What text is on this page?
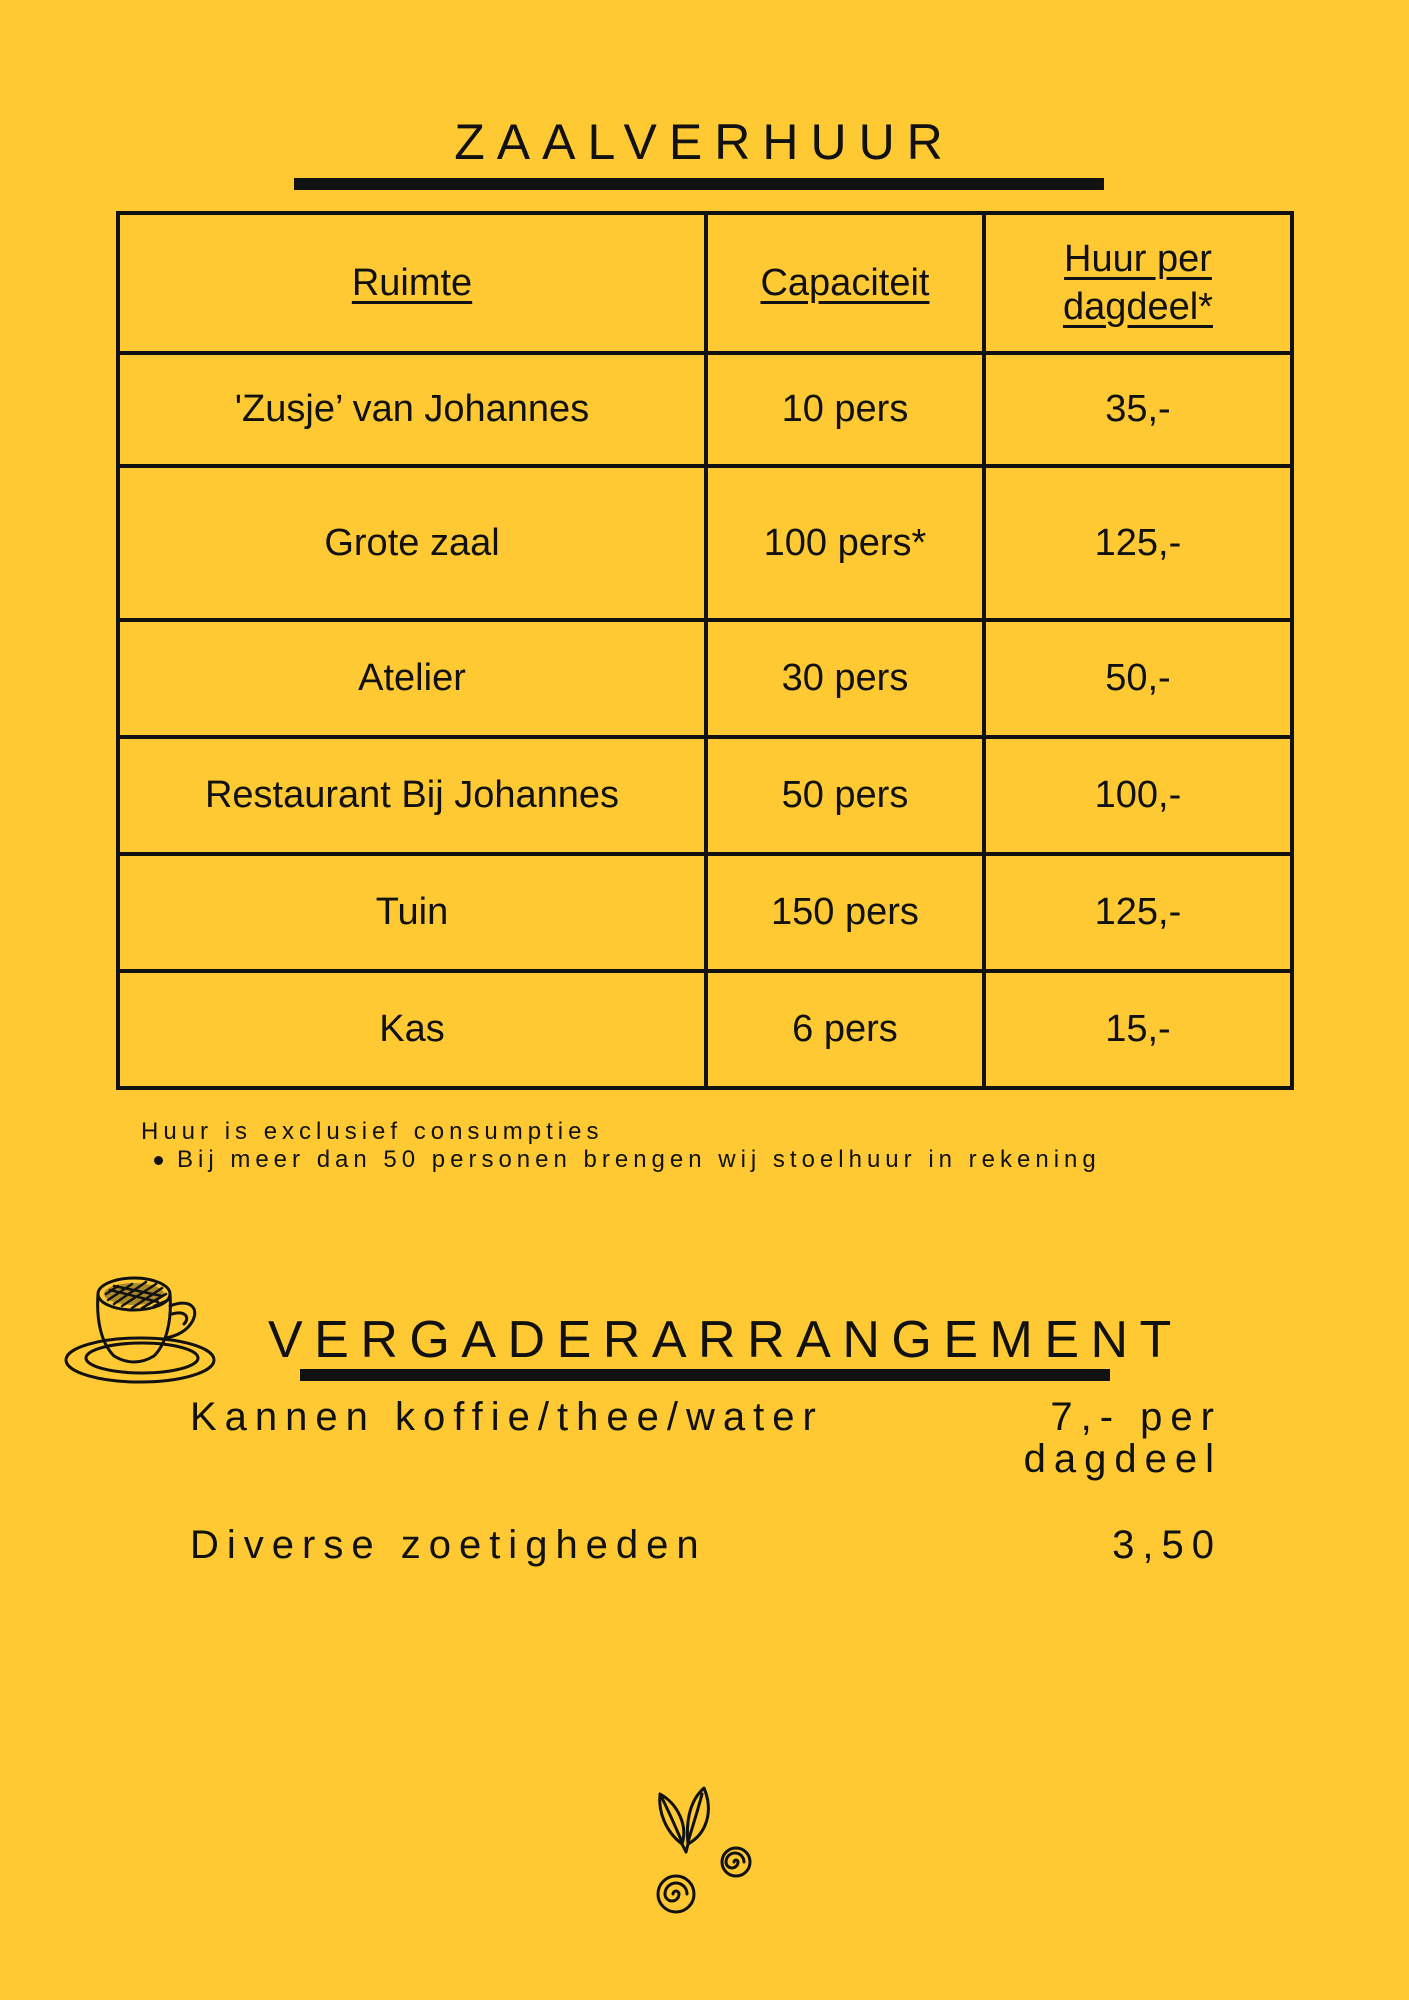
ZAALVERHUUR
Ruimte	Capaciteit	Huur per
dagdeel*
'Zusje’ van Johannes	10 pers	35,-
Grote zaal	100 pers*	125,-
Atelier	30 pers	50,-
Restaurant Bij Johannes	50 pers	100,-
Tuin	150 pers	125,-
Kas	6 pers	15,-
Huur is exclusief consumpties
Bij meer dan 50 personen brengen wij stoelhuur in rekening
VERGADERARRANGEMENT
Kannen koffie/thee/water	7,- per
dagdeel
Diverse zoetigheden	3,50
